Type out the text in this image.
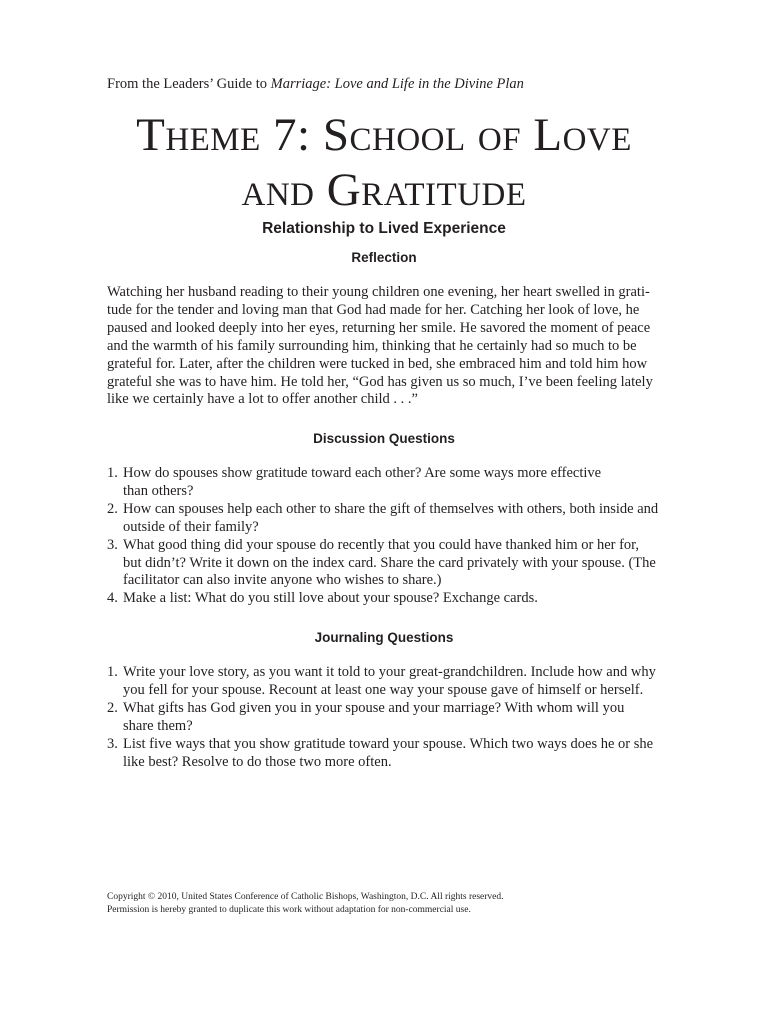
From the Leaders’ Guide to Marriage: Love and Life in the Divine Plan
Theme 7: School of Love
and Gratitude
Relationship to Lived Experience
Reflection
Watching her husband reading to their young children one evening, her heart swelled in grati-
tude for the tender and loving man that God had made for her. Catching her look of love, he
paused and looked deeply into her eyes, returning her smile. He savored the moment of peace
and the warmth of his family surrounding him, thinking that he certainly had so much to be
grateful for. Later, after the children were tucked in bed, she embraced him and told him how
grateful she was to have him. He told her, “God has given us so much, I’ve been feeling lately
like we certainly have a lot to offer another child . . .”
Discussion Questions
1. How do spouses show gratitude toward each other? Are some ways more effective
than others?
2. How can spouses help each other to share the gift of themselves with others, both inside and
outside of their family?
3. What good thing did your spouse do recently that you could have thanked him or her for,
but didn’t? Write it down on the index card. Share the card privately with your spouse. (The
facilitator can also invite anyone who wishes to share.)
4. Make a list: What do you still love about your spouse? Exchange cards.
Journaling Questions
1. Write your love story, as you want it told to your great-grandchildren. Include how and why
you fell for your spouse. Recount at least one way your spouse gave of himself or herself.
2. What gifts has God given you in your spouse and your marriage? With whom will you
share them?
3. List five ways that you show gratitude toward your spouse. Which two ways does he or she
like best? Resolve to do those two more often.
Copyright © 2010, United States Conference of Catholic Bishops, Washington, D.C. All rights reserved.
Permission is hereby granted to duplicate this work without adaptation for non-commercial use.
